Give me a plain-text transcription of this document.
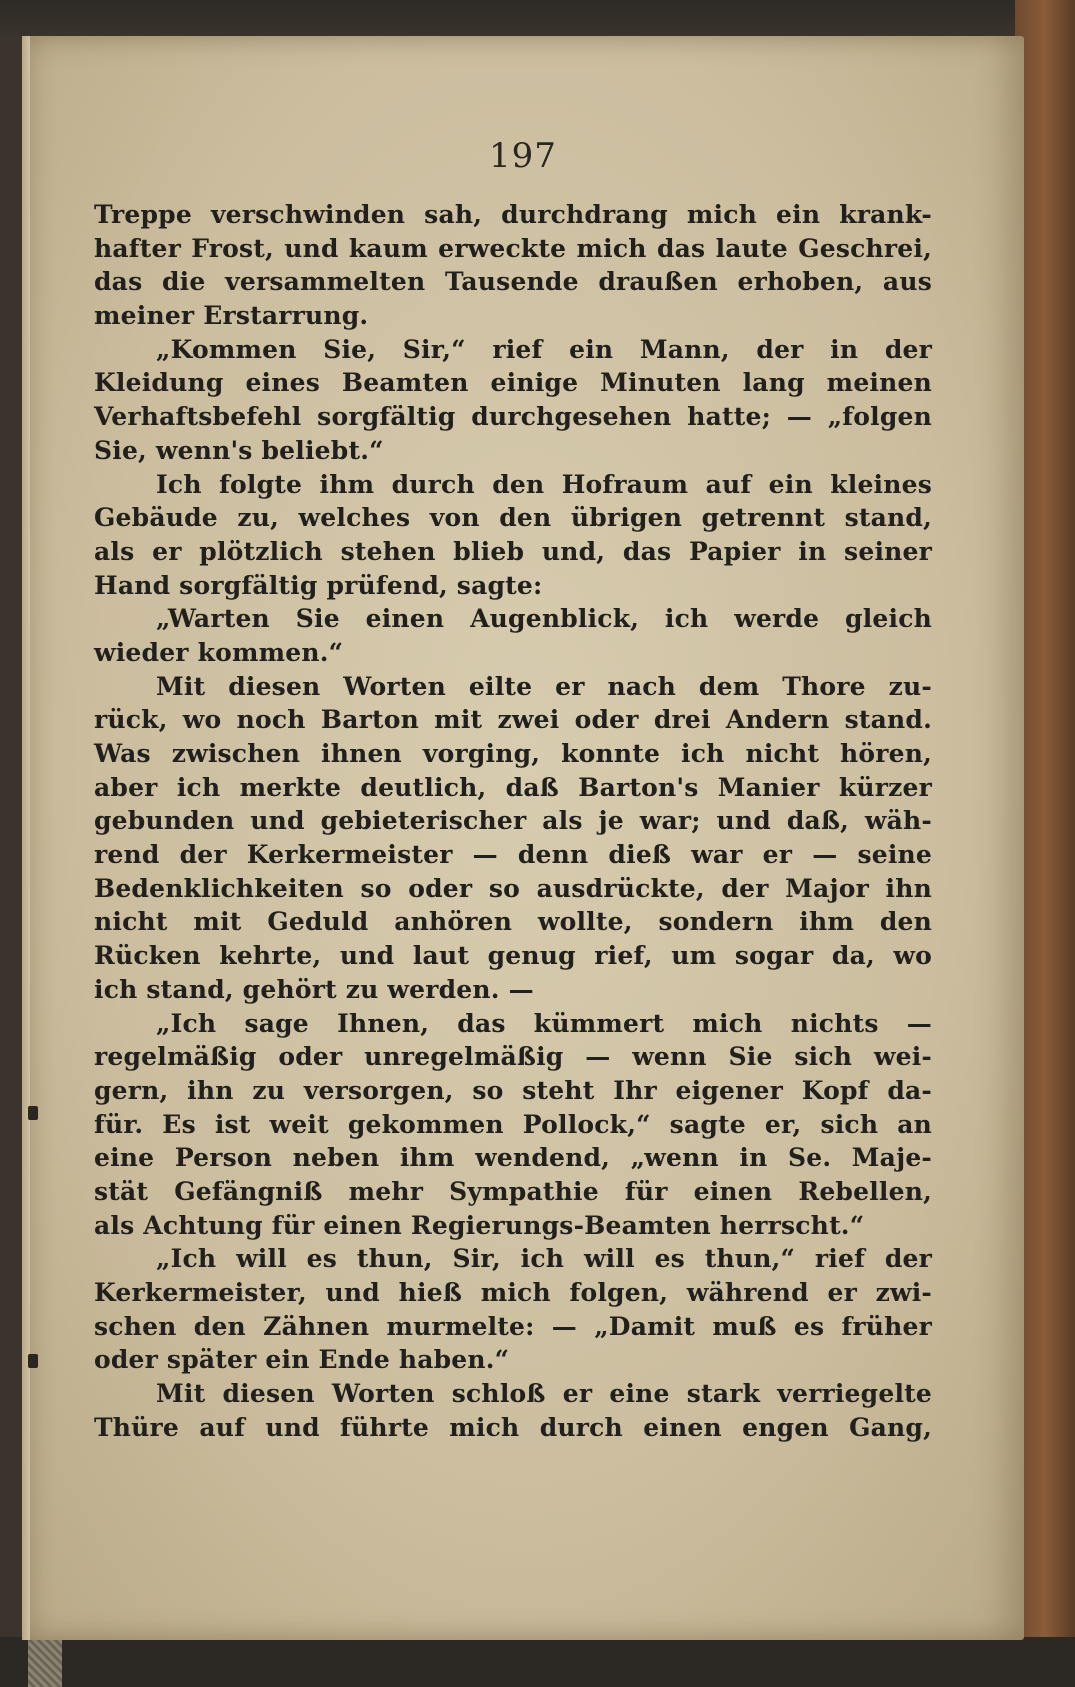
197
Treppe verschwinden sah, durchdrang mich ein krank-
hafter Frost, und kaum erweckte mich das laute Geschrei,
das die versammelten Tausende draußen erhoben, aus
meiner Erstarrung.
„Kommen Sie, Sir,“ rief ein Mann, der in der
Kleidung eines Beamten einige Minuten lang meinen
Verhaftsbefehl sorgfältig durchgesehen hatte; — „folgen
Sie, wenn's beliebt.“
Ich folgte ihm durch den Hofraum auf ein kleines
Gebäude zu, welches von den übrigen getrennt stand,
als er plötzlich stehen blieb und, das Papier in seiner
Hand sorgfältig prüfend, sagte:
„Warten Sie einen Augenblick, ich werde gleich
wieder kommen.“
Mit diesen Worten eilte er nach dem Thore zu-
rück, wo noch Barton mit zwei oder drei Andern stand.
Was zwischen ihnen vorging, konnte ich nicht hören,
aber ich merkte deutlich, daß Barton's Manier kürzer
gebunden und gebieterischer als je war; und daß, wäh-
rend der Kerkermeister — denn dieß war er — seine
Bedenklichkeiten so oder so ausdrückte, der Major ihn
nicht mit Geduld anhören wollte, sondern ihm den
Rücken kehrte, und laut genug rief, um sogar da, wo
ich stand, gehört zu werden. —
„Ich sage Ihnen, das kümmert mich nichts —
regelmäßig oder unregelmäßig — wenn Sie sich wei-
gern, ihn zu versorgen, so steht Ihr eigener Kopf da-
für. Es ist weit gekommen Pollock,“ sagte er, sich an
eine Person neben ihm wendend, „wenn in Se. Maje-
stät Gefängniß mehr Sympathie für einen Rebellen,
als Achtung für einen Regierungs-Beamten herrscht.“
„Ich will es thun, Sir, ich will es thun,“ rief der
Kerkermeister, und hieß mich folgen, während er zwi-
schen den Zähnen murmelte: — „Damit muß es früher
oder später ein Ende haben.“
Mit diesen Worten schloß er eine stark verriegelte
Thüre auf und führte mich durch einen engen Gang,
